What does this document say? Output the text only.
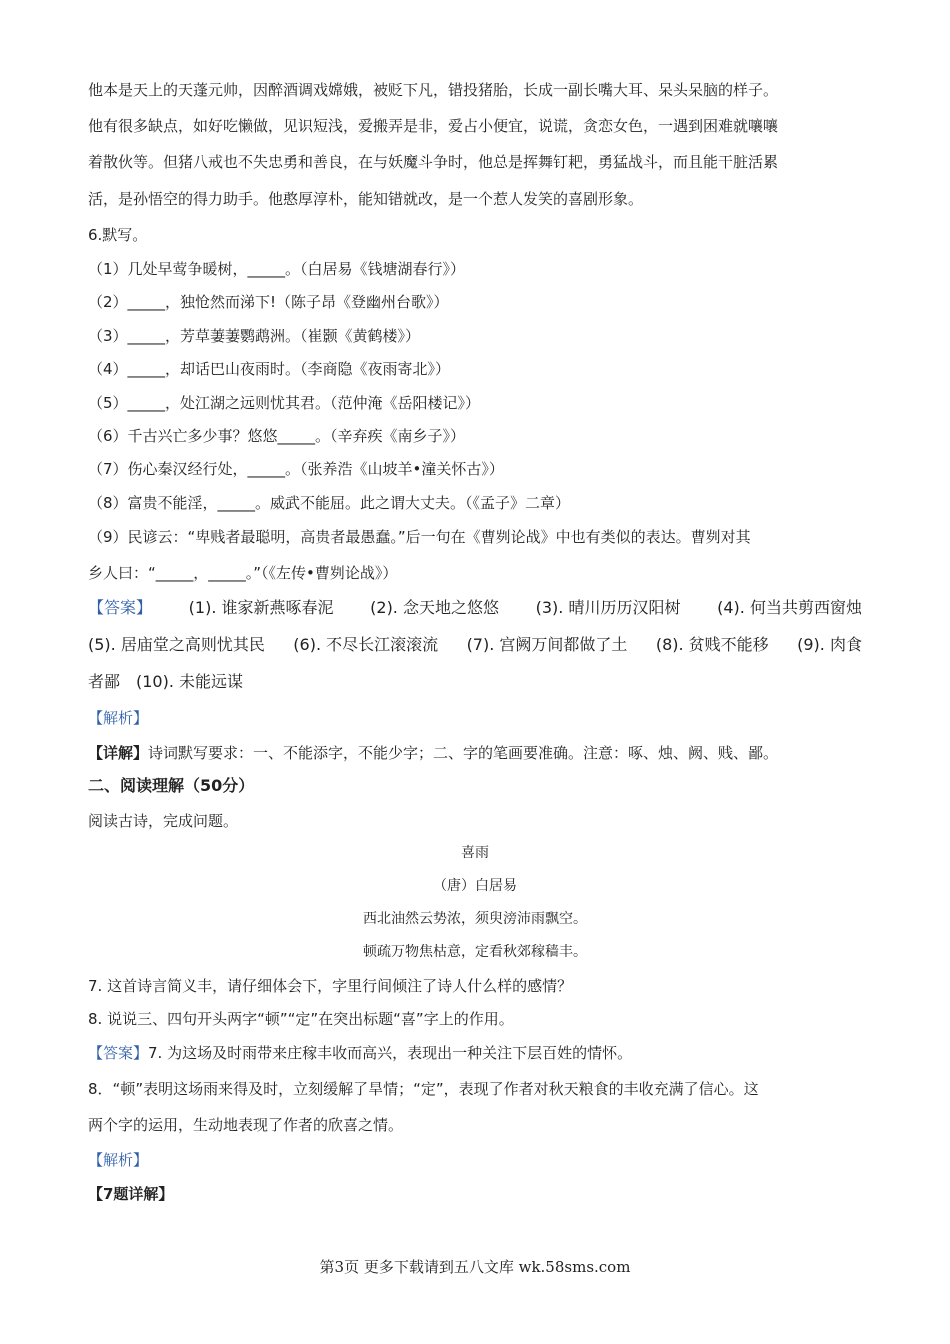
他本是天上的天蓬元帅，因醉酒调戏嫦娥，被贬下凡，错投猪胎，长成一副长嘴大耳、呆头呆脑的样子。
他有很多缺点，如好吃懒做，见识短浅，爱搬弄是非，爱占小便宜，说谎，贪恋女色，一遇到困难就嚷嚷
着散伙等。但猪八戒也不失忠勇和善良，在与妖魔斗争时，他总是挥舞钉耙，勇猛战斗，而且能干脏活累
活，是孙悟空的得力助手。他憨厚淳朴，能知错就改，是一个惹人发笑的喜剧形象。
6.默写。
（1）几处早莺争暖树，_____。（白居易《钱塘湖春行》）
（2）_____，独怆然而涕下!（陈子昂《登幽州台歌》）
（3）_____，芳草萋萋鹦鹉洲。（崔颢《黄鹤楼》）
（4）_____，却话巴山夜雨时。（李商隐《夜雨寄北》）
（5）_____，处江湖之远则忧其君。（范仲淹《岳阳楼记》）
（6）千古兴亡多少事？悠悠_____。（辛弃疾《南乡子》）
（7）伤心秦汉经行处，_____。（张养浩《山坡羊•潼关怀古》）
（8）富贵不能淫，_____。威武不能屈。此之谓大丈夫。（《孟子》二章）
（9）民谚云：“卑贱者最聪明，高贵者最愚蠢。”后一句在《曹刿论战》中也有类似的表达。曹刿对其
乡人曰：“_____，_____。”（《左传•曹刿论战》）
【答案】 (1). 谁家新燕啄春泥 (2). 念天地之悠悠 (3). 晴川历历汉阳树 (4). 何当共剪西窗烛
(5). 居庙堂之高则忧其民 (6). 不尽长江滚滚流 (7). 宫阙万间都做了土 (8). 贫贱不能移 (9). 肉食
者鄙　(10). 未能远谋
【解析】
【详解】诗词默写要求：一、不能添字，不能少字；二、字的笔画要准确。注意：啄、烛、阙、贱、鄙。
二、阅读理解（50分）
阅读古诗，完成问题。
喜雨
（唐）白居易
西北油然云势浓，须臾滂沛雨飘空。
顿疏万物焦枯意，定看秋郊稼穑丰。
7. 这首诗言简义丰，请仔细体会下，字里行间倾注了诗人什么样的感情？
8. 说说三、四句开头两字“顿”“定”在突出标题“喜”字上的作用。
【答案】7. 为这场及时雨带来庄稼丰收而高兴，表现出一种关注下层百姓的情怀。
8．“顿”表明这场雨来得及时，立刻缓解了旱情；“定”，表现了作者对秋天粮食的丰收充满了信心。这
两个字的运用，生动地表现了作者的欣喜之情。
【解析】
【7题详解】
第3页 更多下载请到五八文库 wk.58sms.com
